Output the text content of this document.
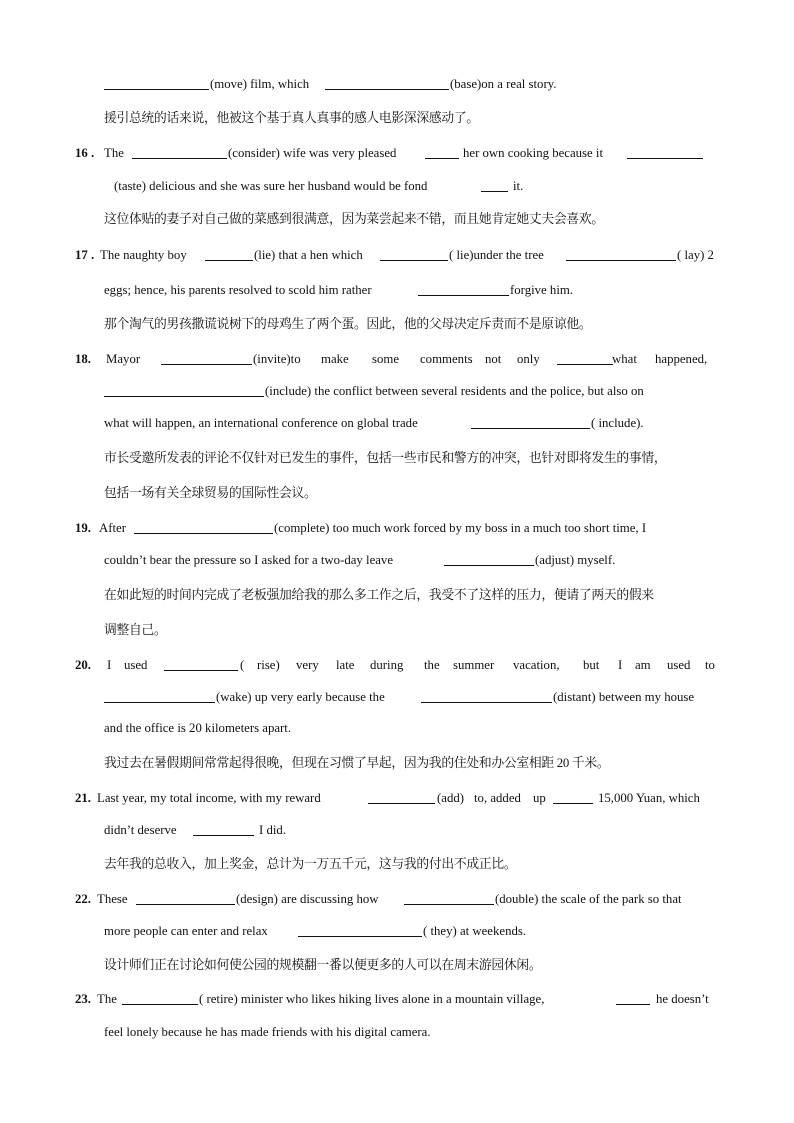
(move) film, which	(base)on a real story.
援引总统的话来说，他被这个基于真人真事的感人电影深深感动了。
16 . The	(consider) wife was very pleased	her own cooking because it
(taste) delicious and she was sure her husband would be fond	it.
这位体贴的妻子对自己做的菜感到很满意，因为菜尝起来不错，而且她肯定她丈夫会喜欢。
17 . The naughty boy	(lie) that a hen which	( lie)under the tree	( lay) 2
eggs; hence, his parents resolved to scold him rather	forgive him.
那个淘气的男孩撒谎说树下的母鸡生了两个蛋。因此，他的父母决定斥责而不是原谅他。
18. Mayor	(invite)to make some comments not only	what happened,
(include) the conflict between several residents and the police, but also on
what will happen, an international conference on global trade	( include).
市长受邀所发表的评论不仅针对已发生的事件，包括一些市民和警方的冲突，也针对即将发生的事情，
包括一场有关全球贸易的国际性会议。
19. After	(complete) too much work forced by my boss in a much too short time, I
couldn’t bear the pressure so I asked for a two-day leave	(adjust) myself.
在如此短的时间内完成了老板强加给我的那么多工作之后，我受不了这样的压力，便请了两天的假来
调整自己。
20. I used	( rise) very late during the summer vacation, but I am used to
(wake) up very early because the	(distant) between my house
and the office is 20 kilometers apart.
我过去在暑假期间常常起得很晚，但现在习惯了早起，因为我的住处和办公室相距 20 千米。
21. Last year, my total income, with my reward	(add) to, added up	15,000 Yuan, which
didn’t deserve	I did.
去年我的总收入，加上奖金，总计为一万五千元，这与我的付出不成正比。
22. These	(design) are discussing how	(double) the scale of the park so that
more people can enter and relax	( they) at weekends.
设计师们正在讨论如何使公园的规模翻一番以便更多的人可以在周末游园休闲。
23. The	( retire) minister who likes hiking lives alone in a mountain village,	he doesn’t
feel lonely because he has made friends with his digital camera.
